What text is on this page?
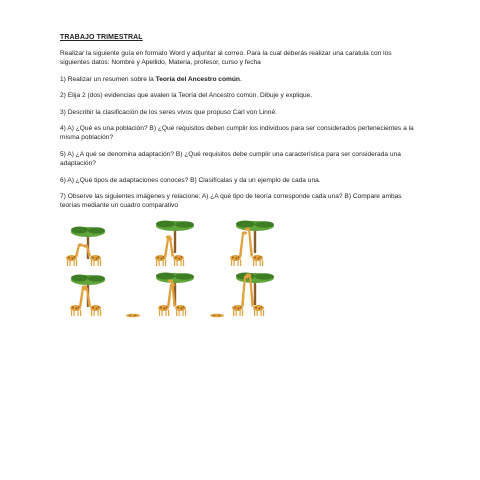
TRABAJO TRIMESTRAL

Realizar la siguiente guía en formato Word y adjuntar al correo. Para la cual deberás realizar una caratula con los siguientes datos: Nombre y Apellido, Materia, profesor, curso y fecha

1) Realizar un resumen sobre la Teoría del Ancestro común.

2) Elija 2 (dos) evidencias que avalen la Teoría del Ancestro común. Dibuje y explique.

3) Describir la clasificación de los seres vivos que propuso Carl von Linné.

4) A) ¿Qué es una población? B) ¿Qué requisitos deben cumplir los individuos para ser considerados pertenecientes a la misma población?

5) A) ¿A qué se denomina adaptación? B) ¿Qué requisitos debe cumplir una característica para ser considerada una adaptación?

6) A) ¿Qué tipos de adaptaciones conoces? B) Clasifícalas y da un ejemplo de cada una.

7) Observe las siguientes imágenes y relacione: A) ¿A qué tipo de teoría corresponde cada una? B) Compare ambas teorías mediante un cuadro comparativo
